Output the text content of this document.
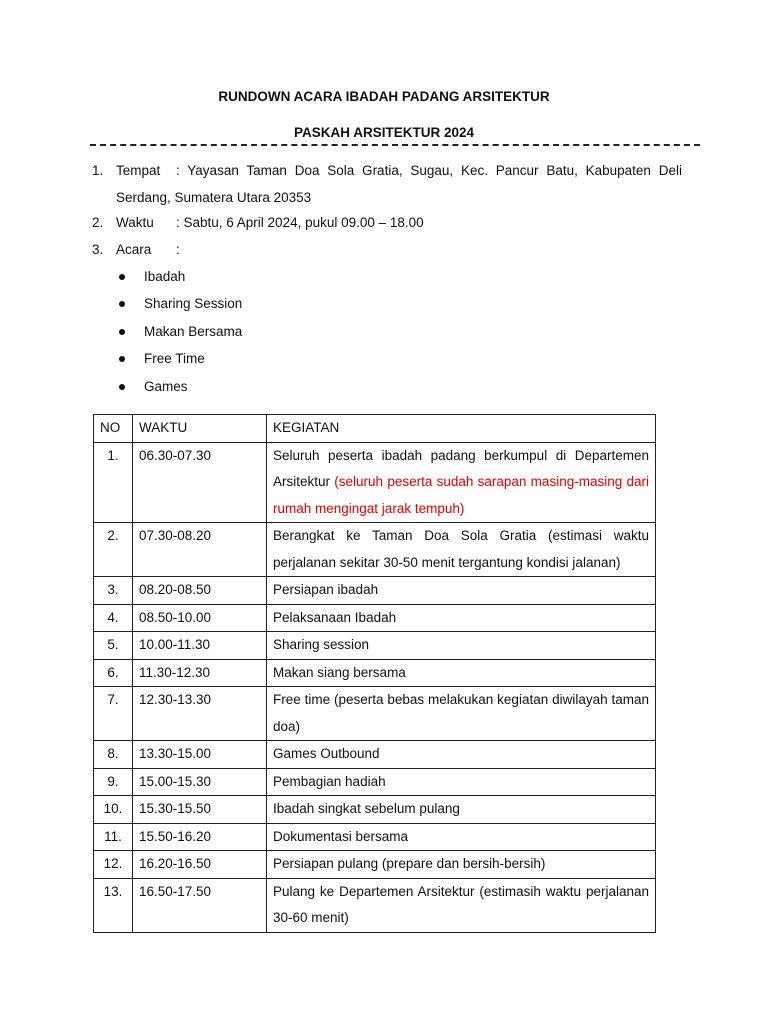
RUNDOWN ACARA IBADAH PADANG ARSITEKTUR
PASKAH ARSITEKTUR 2024
1. Tempat : Yayasan Taman Doa Sola Gratia, Sugau, Kec. Pancur Batu, Kabupaten Deli
Serdang, Sumatera Utara 20353
2. Waktu : Sabtu, 6 April 2024, pukul 09.00 – 18.00
3. Acara :
Ibadah
Sharing Session
Makan Bersama
Free Time
Games
NO	WAKTU	KEGIATAN
1.	06.30-07.30	Seluruh peserta ibadah padang berkumpul di Departemen Arsitektur (seluruh peserta sudah sarapan masing-masing dari rumah mengingat jarak tempuh)
2.	07.30-08.20	Berangkat ke Taman Doa Sola Gratia (estimasi waktu perjalanan sekitar 30-50 menit tergantung kondisi jalanan)
3.	08.20-08.50	Persiapan ibadah
4.	08.50-10.00	Pelaksanaan Ibadah
5.	10.00-11.30	Sharing session
6.	11.30-12.30	Makan siang bersama
7.	12.30-13.30	Free time (peserta bebas melakukan kegiatan diwilayah taman doa)
8.	13.30-15.00	Games Outbound
9.	15.00-15.30	Pembagian hadiah
10.	15.30-15.50	Ibadah singkat sebelum pulang
11.	15.50-16.20	Dokumentasi bersama
12.	16.20-16.50	Persiapan pulang (prepare dan bersih-bersih)
13.	16.50-17.50	Pulang ke Departemen Arsitektur (estimasih waktu perjalanan 30-60 menit)
